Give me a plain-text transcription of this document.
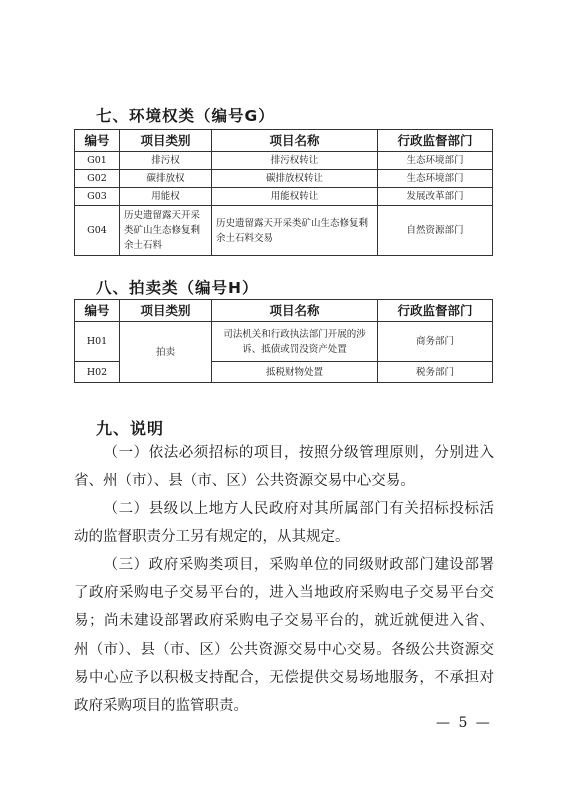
七、环境权类（编号G）
编号	项目类别	项目名称	行政监督部门
G01	排污权	排污权转让	生态环境部门
G02	碳排放权	碳排放权转让	生态环境部门
G03	用能权	用能权转让	发展改革部门
G04	历史遗留露天开采类矿山生态修复剩余土石料	历史遗留露天开采类矿山生态修复剩余土石料交易	自然资源部门
八、拍卖类（编号H）
编号	项目类别	项目名称	行政监督部门
H01	拍卖	司法机关和行政执法部门开展的涉诉、抵债或罚没资产处置	商务部门
H02		抵税财物处置	税务部门
九、说明
（一）依法必须招标的项目，按照分级管理原则，分别进入省、州（市）、县（市、区）公共资源交易中心交易。
（二）县级以上地方人民政府对其所属部门有关招标投标活动的监督职责分工另有规定的，从其规定。
（三）政府采购类项目，采购单位的同级财政部门建设部署了政府采购电子交易平台的，进入当地政府采购电子交易平台交易；尚未建设部署政府采购电子交易平台的，就近就便进入省、州（市）、县（市、区）公共资源交易中心交易。各级公共资源交易中心应予以积极支持配合，无偿提供交易场地服务，不承担对政府采购项目的监管职责。
— 5 —
